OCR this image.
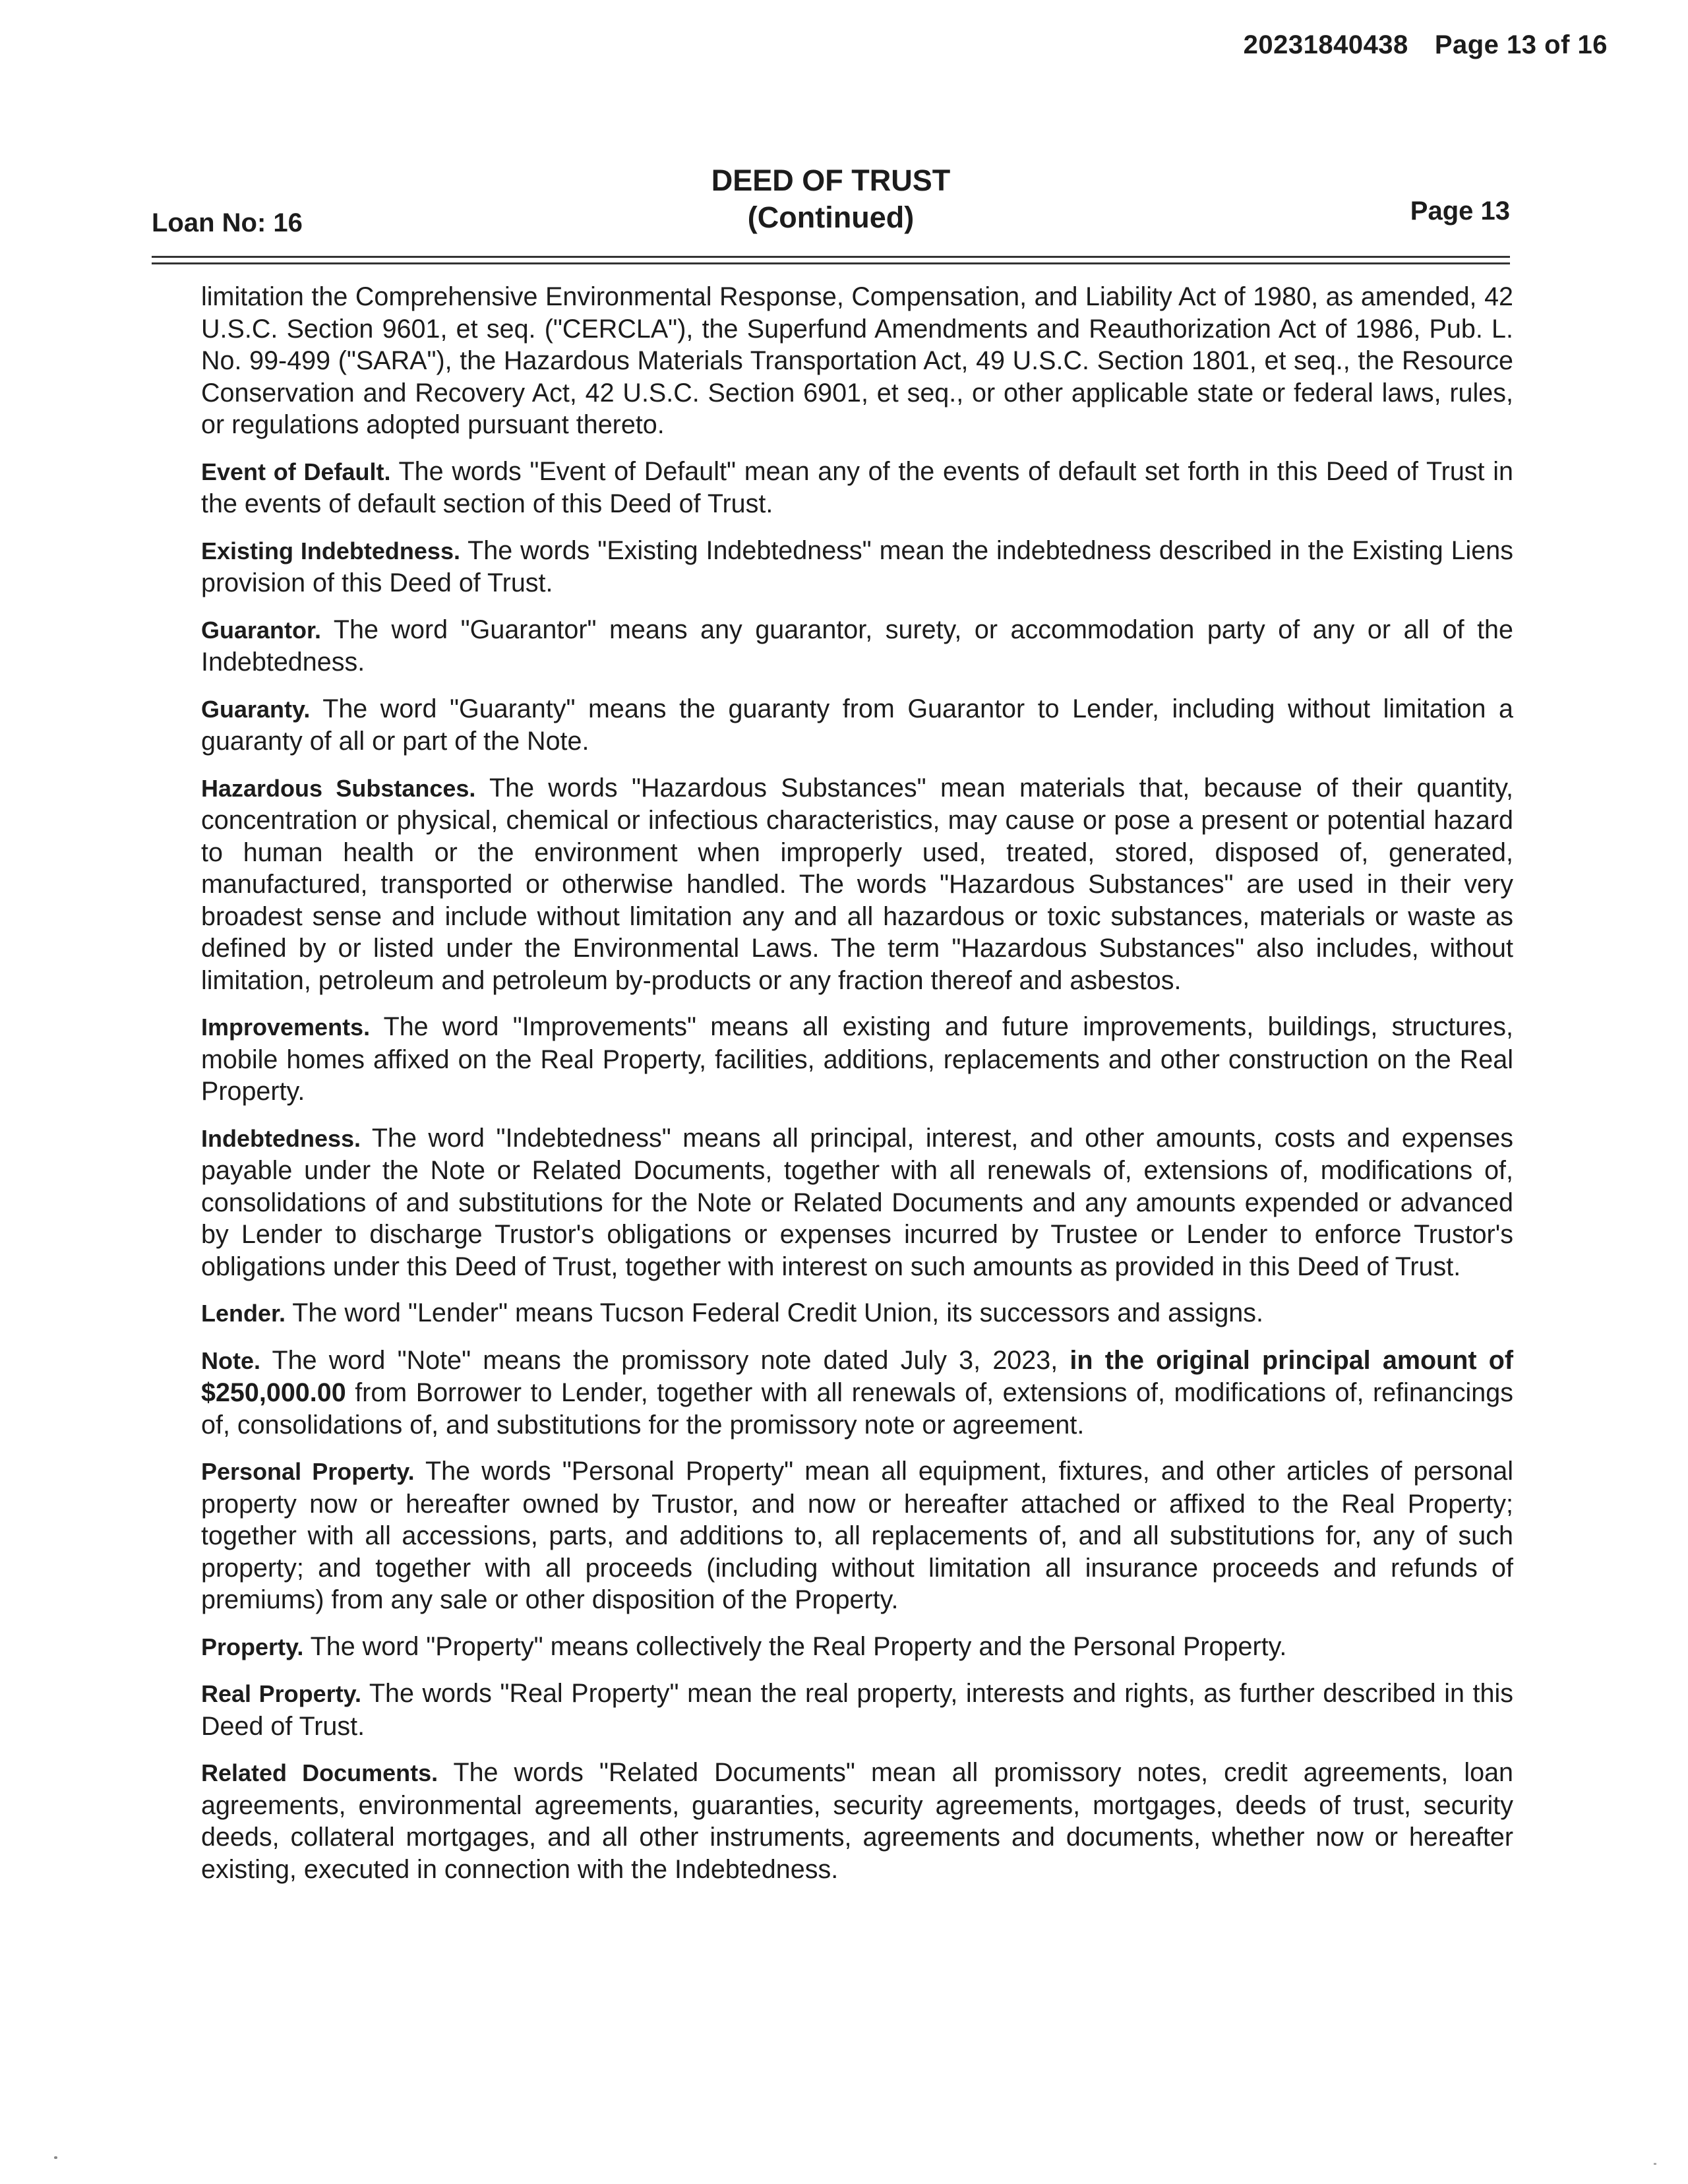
20231840438 Page 13 of 16
Loan No: 16
DEED OF TRUST
(Continued)	Page 13

limitation the Comprehensive Environmental Response, Compensation, and Liability Act of 1980, as amended, 42 U.S.C. Section 9601, et seq. ("CERCLA"), the Superfund Amendments and Reauthorization Act of 1986, Pub. L. No. 99-499 ("SARA"), the Hazardous Materials Transportation Act, 49 U.S.C. Section 1801, et seq., the Resource Conservation and Recovery Act, 42 U.S.C. Section 6901, et seq., or other applicable state or federal laws, rules, or regulations adopted pursuant thereto.

Event of Default. The words "Event of Default" mean any of the events of default set forth in this Deed of Trust in the events of default section of this Deed of Trust.

Existing Indebtedness. The words "Existing Indebtedness" mean the indebtedness described in the Existing Liens provision of this Deed of Trust.

Guarantor. The word "Guarantor" means any guarantor, surety, or accommodation party of any or all of the Indebtedness.

Guaranty. The word "Guaranty" means the guaranty from Guarantor to Lender, including without limitation a guaranty of all or part of the Note.

Hazardous Substances. The words "Hazardous Substances" mean materials that, because of their quantity, concentration or physical, chemical or infectious characteristics, may cause or pose a present or potential hazard to human health or the environment when improperly used, treated, stored, disposed of, generated, manufactured, transported or otherwise handled. The words "Hazardous Substances" are used in their very broadest sense and include without limitation any and all hazardous or toxic substances, materials or waste as defined by or listed under the Environmental Laws. The term "Hazardous Substances" also includes, without limitation, petroleum and petroleum by-products or any fraction thereof and asbestos.

Improvements. The word "Improvements" means all existing and future improvements, buildings, structures, mobile homes affixed on the Real Property, facilities, additions, replacements and other construction on the Real Property.

Indebtedness. The word "Indebtedness" means all principal, interest, and other amounts, costs and expenses payable under the Note or Related Documents, together with all renewals of, extensions of, modifications of, consolidations of and substitutions for the Note or Related Documents and any amounts expended or advanced by Lender to discharge Trustor's obligations or expenses incurred by Trustee or Lender to enforce Trustor's obligations under this Deed of Trust, together with interest on such amounts as provided in this Deed of Trust.

Lender. The word "Lender" means Tucson Federal Credit Union, its successors and assigns.

Note. The word "Note" means the promissory note dated July 3, 2023, in the original principal amount of $250,000.00 from Borrower to Lender, together with all renewals of, extensions of, modifications of, refinancings of, consolidations of, and substitutions for the promissory note or agreement.

Personal Property. The words "Personal Property" mean all equipment, fixtures, and other articles of personal property now or hereafter owned by Trustor, and now or hereafter attached or affixed to the Real Property; together with all accessions, parts, and additions to, all replacements of, and all substitutions for, any of such property; and together with all proceeds (including without limitation all insurance proceeds and refunds of premiums) from any sale or other disposition of the Property.

Property. The word "Property" means collectively the Real Property and the Personal Property.

Real Property. The words "Real Property" mean the real property, interests and rights, as further described in this Deed of Trust.

Related Documents. The words "Related Documents" mean all promissory notes, credit agreements, loan agreements, environmental agreements, guaranties, security agreements, mortgages, deeds of trust, security deeds, collateral mortgages, and all other instruments, agreements and documents, whether now or hereafter existing, executed in connection with the Indebtedness.
